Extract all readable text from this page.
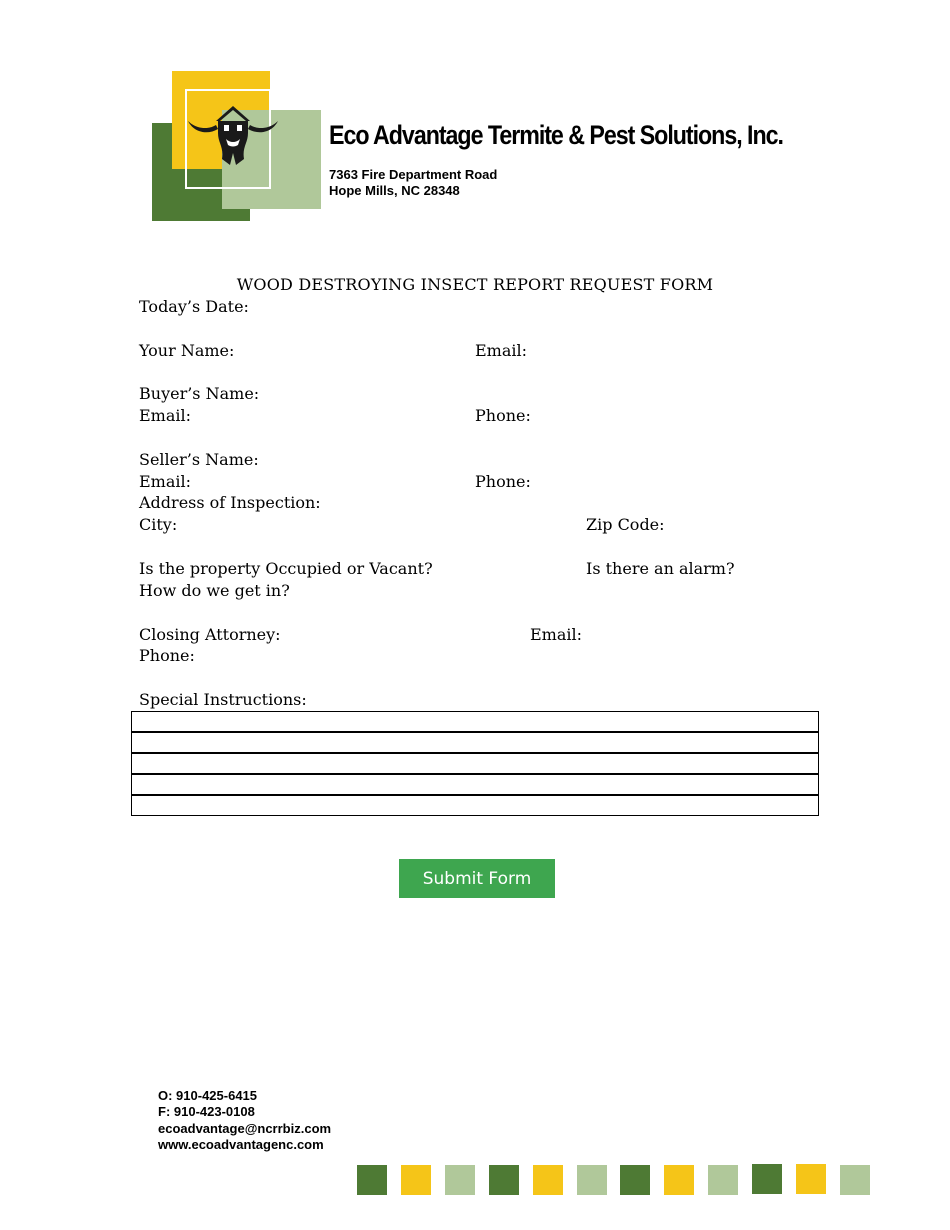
Eco Advantage Termite & Pest Solutions, Inc.
7363 Fire Department Road
Hope Mills, NC 28348
WOOD DESTROYING INSECT REPORT REQUEST FORM
Today’s Date:
Your Name:	Email:
Buyer’s Name:
Email:	Phone:
Seller’s Name:
Email:	Phone:
Address of Inspection:
City:	Zip Code:
Is the property Occupied or Vacant?	Is there an alarm?
How do we get in?
Closing Attorney:	Email:
Phone:
Special Instructions:
Submit Form
O: 910-425-6415
F: 910-423-0108
ecoadvantage@ncrrbiz.com
www.ecoadvantagenc.com
